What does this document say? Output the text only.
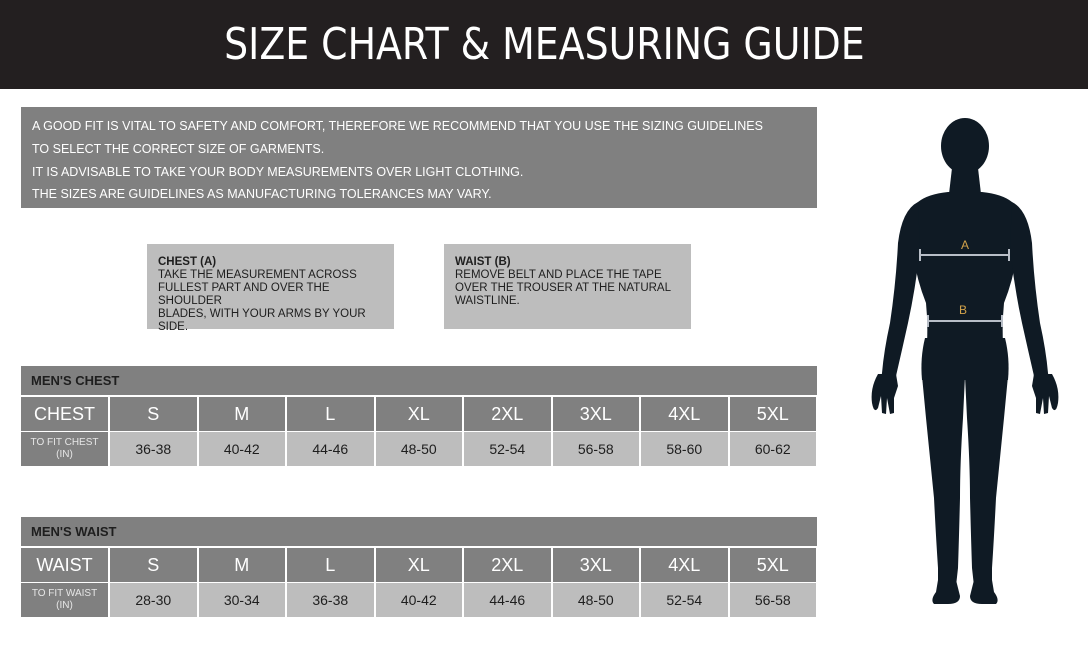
SIZE CHART & MEASURING GUIDE
A GOOD FIT IS VITAL TO SAFETY AND COMFORT, THEREFORE WE RECOMMEND THAT YOU USE THE SIZING GUIDELINES
TO SELECT THE CORRECT SIZE OF GARMENTS.
IT IS ADVISABLE TO TAKE YOUR BODY MEASUREMENTS OVER LIGHT CLOTHING.
THE SIZES ARE GUIDELINES AS MANUFACTURING TOLERANCES MAY VARY.
CHEST (A)
TAKE THE MEASUREMENT ACROSS
FULLEST PART AND OVER THE SHOULDER
BLADES, WITH YOUR ARMS BY YOUR SIDE.
WAIST (B)
REMOVE BELT AND PLACE THE TAPE
OVER THE TROUSER AT THE NATURAL
WAISTLINE.
MEN'S CHEST
CHEST	S	M	L	XL	2XL	3XL	4XL	5XL
TO FIT CHEST
(IN)	36-38	40-42	44-46	48-50	52-54	56-58	58-60	60-62
MEN'S WAIST
WAIST	S	M	L	XL	2XL	3XL	4XL	5XL
TO FIT WAIST
(IN)	28-30	30-34	36-38	40-42	44-46	48-50	52-54	56-58
A
B
